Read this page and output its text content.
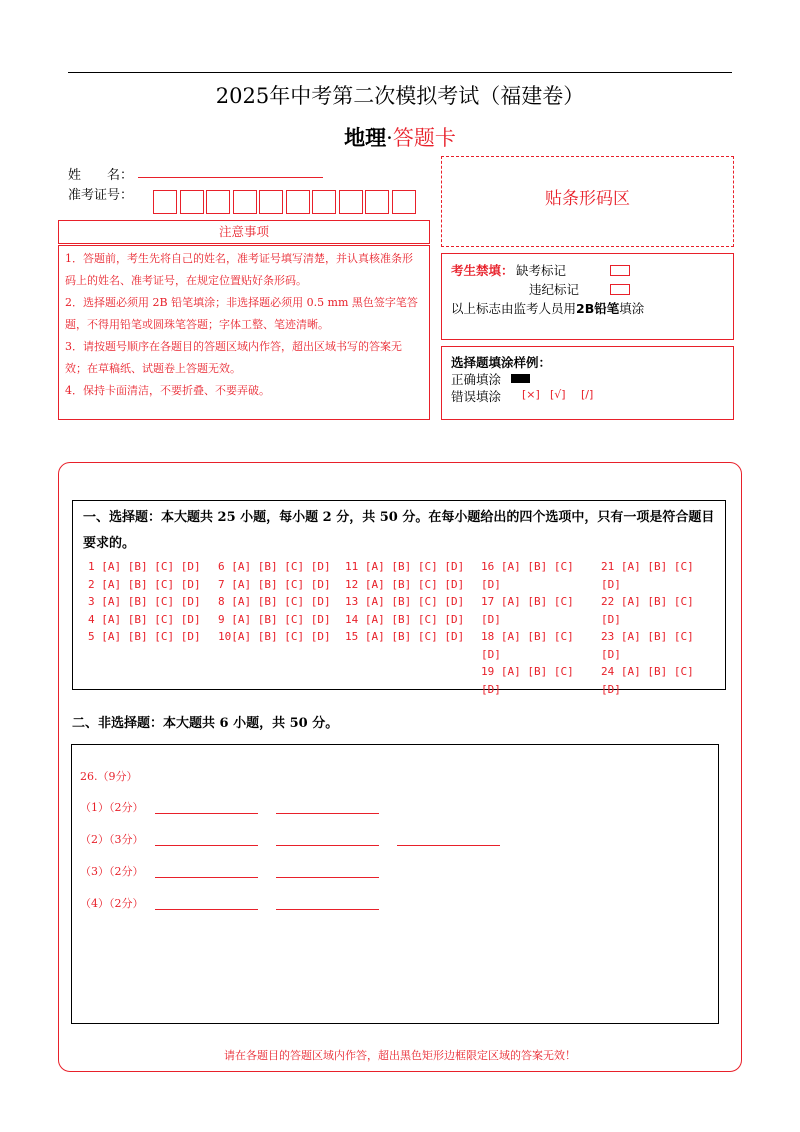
2025年中考第二次模拟考试（福建卷）
地理·答题卡
姓　　名：
准考证号：	贴条形码区
注意事项

1．答题前，考生先将自己的姓名，准考证号填写清楚，并认真核准条形码上的姓名、准考证号，在规定位置贴好条形码。

2．选择题必须用 2B 铅笔填涂；非选择题必须用 0.5 mm 黑色签字笔答题，不得用铅笔或圆珠笔答题；字体工整、笔迹清晰。

3．请按题号顺序在各题目的答题区域内作答，超出区域书写的答案无效；在草稿纸、试题卷上答题无效。

4．保持卡面清洁，不要折叠、不要弄破。

考生禁填： 缺考标记
违纪标记
以上标志由监考人员用2B铅笔填涂
选择题填涂样例：
正确填涂
错误填涂 [×] [√] [/]
一、选择题：本大题共 25 小题，每小题 2 分，共 50 分。在每小题给出的四个选项中，只有一项是符合题目要求的。
1 [A] [B] [C] [D]
2 [A] [B] [C] [D]
3 [A] [B] [C] [D]
4 [A] [B] [C] [D]
5 [A] [B] [C] [D]
6 [A] [B] [C] [D]
7 [A] [B] [C] [D]
8 [A] [B] [C] [D]
9 [A] [B] [C] [D]
10[A] [B] [C] [D]
11 [A] [B] [C] [D]
12 [A] [B] [C] [D]
13 [A] [B] [C] [D]
14 [A] [B] [C] [D]
15 [A] [B] [C] [D]
16 [A] [B] [C] [D]
17 [A] [B] [C] [D]
18 [A] [B] [C] [D]
19 [A] [B] [C] [D]
21 [A] [B] [C] [D]
22 [A] [B] [C] [D]
23 [A] [B] [C] [D]
24 [A] [B] [C] [D]
二、非选择题：本大题共 6 小题，共 50 分。
26.（9分）
（1）（2分）
（2）（3分）
（3）（2分）
（4）（2分）
请在各题目的答题区域内作答，超出黑色矩形边框限定区域的答案无效！
